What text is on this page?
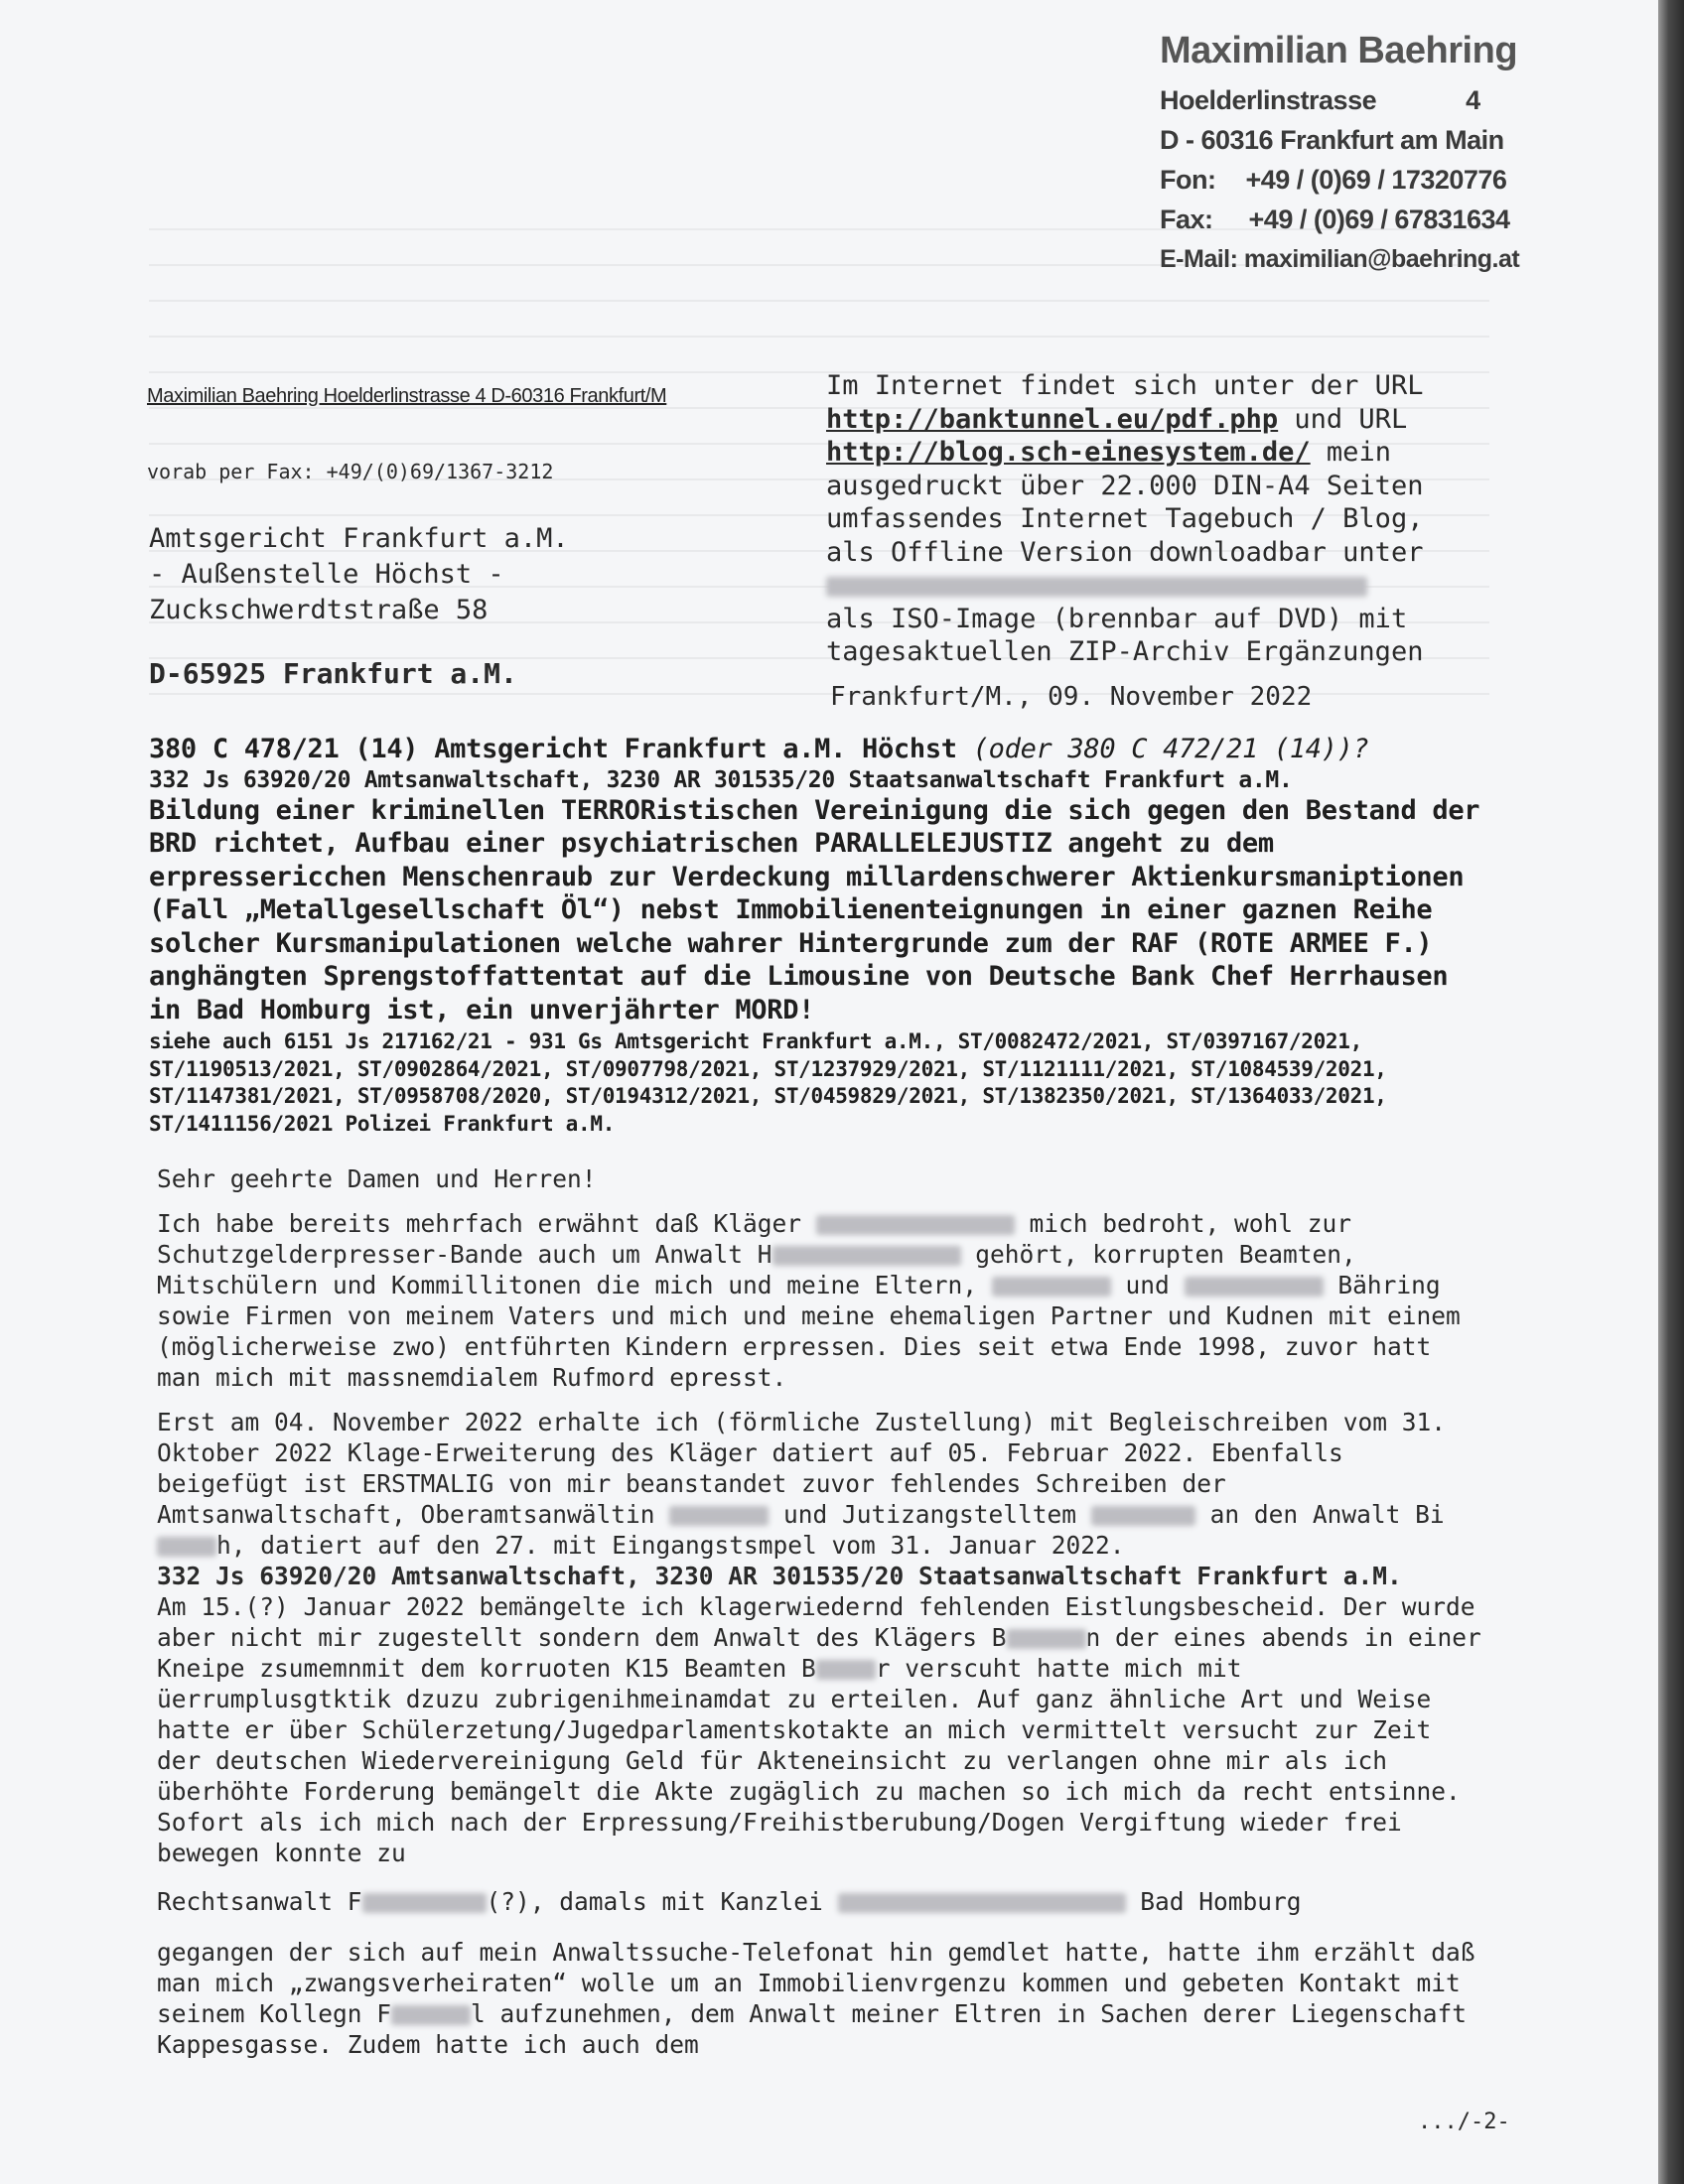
Maximilian Baehring
Hoelderlinstrasse	4
D - 60316 Frankfurt am Main
Fon: +49 / (0)69 / 17320776
Fax: +49 / (0)69 / 67831634
E-Mail: maximilian@baehring.at
Maximilian Baehring Hoelderlinstrasse 4 D-60316 Frankfurt/M
vorab per Fax: +49/(0)69/1367-3212
Amtsgericht Frankfurt a.M.
- Außenstelle Höchst -
Zuckschwerdtstraße 58
D-65925 Frankfurt a.M.
Im Internet findet sich unter der URL
http://banktunnel.eu/pdf.php und URL
http://blog.sch-einesystem.de/ mein ausgedruckt über 22.000 DIN-A4 Seiten umfassendes Internet Tagebuch / Blog, als Offline Version downloadbar unter

als ISO-Image (brennbar auf DVD) mit tagesaktuellen ZIP-Archiv Ergänzungen
Frankfurt/M., 09. November 2022
380 C 478/21 (14) Amtsgericht Frankfurt a.M. Höchst (oder 380 C 472/21 (14))?
332 Js 63920/20 Amtsanwaltschaft, 3230 AR 301535/20 Staatsanwaltschaft Frankfurt a.M.
Bildung einer kriminellen TERRORistischen Vereinigung die sich gegen den Bestand der BRD richtet, Aufbau einer psychiatrischen PARALLELEJUSTIZ angeht zu dem erpressericchen Menschenraub zur Verdeckung millardenschwerer Aktienkursmaniptionen (Fall „Metallgesellschaft Öl“) nebst Immobilienenteignungen in einer gaznen Reihe solcher Kursmanipulationen welche wahrer Hintergrunde zum der RAF (ROTE ARMEE F.) anghängten Sprengstoffattentat auf die Limousine von Deutsche Bank Chef Herrhausen in Bad Homburg ist, ein unverjährter MORD!
siehe auch 6151 Js 217162/21 - 931 Gs Amtsgericht Frankfurt a.M., ST/0082472/2021, ST/0397167/2021, ST/1190513/2021, ST/0902864/2021, ST/0907798/2021, ST/1237929/2021, ST/1121111/2021, ST/1084539/2021, ST/1147381/2021, ST/0958708/2020, ST/0194312/2021, ST/0459829/2021, ST/1382350/2021, ST/1364033/2021, ST/1411156/2021 Polizei Frankfurt a.M.

Sehr geehrte Damen und Herren!

Ich habe bereits mehrfach erwähnt daß Kläger	mich bedroht, wohl zur Schutzgelderpresser-Bande auch um Anwalt H	gehört, korrupten Beamten, Mitschülern und Kommillitonen die mich und meine Eltern,	und	Bähring sowie Firmen von meinem Vaters und mich und meine ehemaligen Partner und Kudnen mit einem (möglicherweise zwo) entführten Kindern erpressen. Dies seit etwa Ende 1998, zuvor hatt man mich mit massnemdialem Rufmord epresst.

Erst am 04. November 2022 erhalte ich (förmliche Zustellung) mit Begleischreiben vom 31. Oktober 2022 Klage-Erweiterung des Kläger datiert auf 05. Februar 2022. Ebenfalls beigefügt ist ERSTMALIG von mir beanstandet zuvor fehlendes Schreiben der Amtsanwaltschaft, Oberamtsanwältin	und Jutizangstelltem	an den Anwalt Bih, datiert auf den 27. mit Eingangstsmpel vom 31. Januar 2022.
332 Js 63920/20 Amtsanwaltschaft, 3230 AR 301535/20 Staatsanwaltschaft Frankfurt a.M.
Am 15.(?) Januar 2022 bemängelte ich klagerwiedernd fehlenden Eistlungsbescheid. Der wurde aber nicht mir zugestellt sondern dem Anwalt des Klägers B	n der eines abends in einer Kneipe zsumemnmit dem korruoten K15 Beamten B r verscuht hatte mich mit üerrumplusgtktik dzuzu zubrigenihmeinamdat zu erteilen. Auf ganz ähnliche Art und Weise hatte er über Schülerzetung/Jugedparlamentskotakte an mich vermittelt versucht zur Zeit der deutschen Wiedervereinigung Geld für Akteneinsicht zu verlangen ohne mir als ich überhöhte Forderung bemängelt die Akte zugäglich zu machen so ich mich da recht entsinne. Sofort als ich mich nach der Erpressung/Freihistberubung/Dogen Vergiftung wieder frei bewegen konnte zu

Rechtsanwalt F	(?), damals mit Kanzlei	Bad Homburg

gegangen der sich auf mein Anwaltssuche-Telefonat hin gemdlet hatte, hatte ihm erzählt daß man mich „zwangsverheiraten“ wolle um an Immobilienvrgenzu kommen und gebeten Kontakt mit seinem Kollegn F	l aufzunehmen, dem Anwalt meiner Eltren in Sachen derer Liegenschaft Kappesgasse. Zudem hatte ich auch dem

.../-2-
